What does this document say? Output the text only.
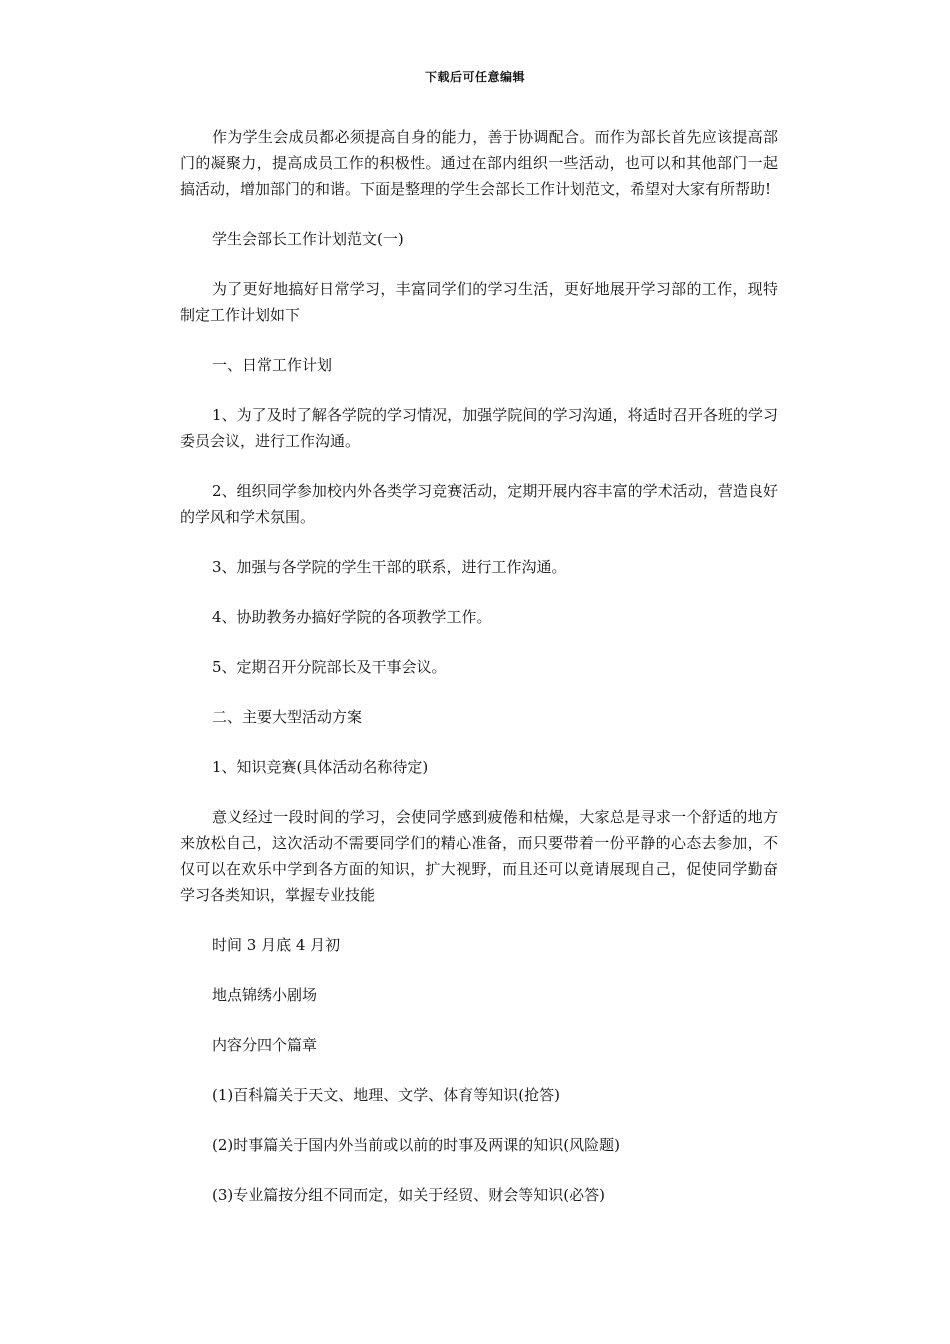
下载后可任意编辑

作为学生会成员都必须提高自身的能力，善于协调配合。而作为部长首先应该提高部门的凝聚力，提高成员工作的积极性。通过在部内组织一些活动，也可以和其他部门一起搞活动，增加部门的和谐。下面是整理的学生会部长工作计划范文，希望对大家有所帮助!

学生会部长工作计划范文(一)

为了更好地搞好日常学习，丰富同学们的学习生活，更好地展开学习部的工作，现特制定工作计划如下

一、日常工作计划

1、为了及时了解各学院的学习情况，加强学院间的学习沟通，将适时召开各班的学习委员会议，进行工作沟通。

2、组织同学参加校内外各类学习竞赛活动，定期开展内容丰富的学术活动，营造良好的学风和学术氛围。

3、加强与各学院的学生干部的联系，进行工作沟通。

4、协助教务办搞好学院的各项教学工作。

5、定期召开分院部长及干事会议。

二、主要大型活动方案

1、知识竞赛(具体活动名称待定)

意义经过一段时间的学习，会使同学感到疲倦和枯燥，大家总是寻求一个舒适的地方来放松自己，这次活动不需要同学们的精心准备，而只要带着一份平静的心态去参加，不仅可以在欢乐中学到各方面的知识，扩大视野，而且还可以竟请展现自己，促使同学勤奋学习各类知识，掌握专业技能

时间 3 月底 4 月初

地点锦绣小剧场

内容分四个篇章

(1)百科篇关于天文、地理、文学、体育等知识(抢答)

(2)时事篇关于国内外当前或以前的时事及两课的知识(风险题)

(3)专业篇按分组不同而定，如关于经贸、财会等知识(必答)
